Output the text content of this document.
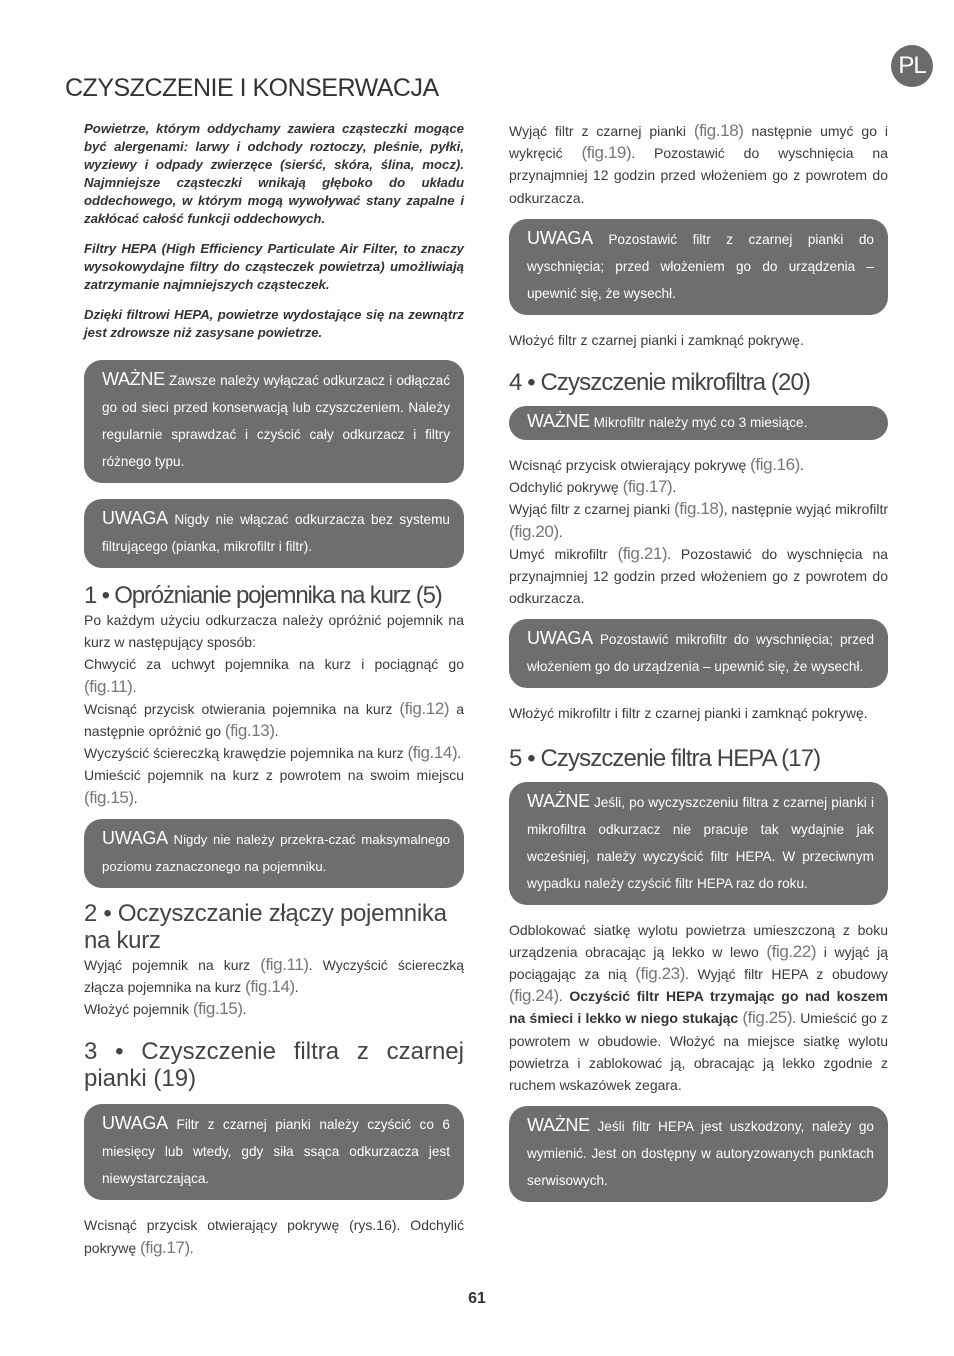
PL
CZYSZCZENIE I KONSERWACJA

Powietrze, którym oddychamy zawiera cząsteczki mogące być alergenami: larwy i odchody roztoczy, pleśnie, pyłki, wyziewy i odpady zwierzęce (sierść, skóra, ślina, mocz). Najmniejsze cząsteczki wnikają głęboko do układu oddechowego, w którym mogą wywoływać stany zapalne i zakłócać całość funkcji oddechowych.

Filtry HEPA (High Efficiency Particulate Air Filter, to znaczy wysokowydajne filtry do cząsteczek powietrza) umożliwiają zatrzymanie najmniejszych cząsteczek.

Dzięki filtrowi HEPA, powietrze wydostające się na zewnątrz jest zdrowsze niż zasysane powietrze.

WAŻNE Zawsze należy wyłączać odkurzacz i odłączać go od sieci przed konserwacją lub czyszczeniem. Należy regularnie sprawdzać i czyścić cały odkurzacz i filtry różnego typu.
UWAGA Nigdy nie włączać odkurzacza bez systemu filtrującego (pianka, mikrofiltr i filtr).
1 • Opróżnianie pojemnika na kurz (5)

Po każdym użyciu odkurzacza należy opróżnić pojemnik na kurz w następujący sposób:

Chwycić za uchwyt pojemnika na kurz i pociągnąć go (fig.11).

Wcisnąć przycisk otwierania pojemnika na kurz (fig.12) a następnie opróżnić go (fig.13).

Wyczyścić ściereczką krawędzie pojemnika na kurz (fig.14).

Umieścić pojemnik na kurz z powrotem na swoim miejscu (fig.15).

UWAGA Nigdy nie należy przekra-czać maksymalnego poziomu zaznaczonego na pojemniku.
2 • Oczyszczanie złączy pojemnika na kurz

Wyjąć pojemnik na kurz (fig.11). Wyczyścić ściereczką złącza pojemnika na kurz (fig.14).

Włożyć pojemnik (fig.15).

3 • Czyszczenie filtra z czarnej pianki (19)
UWAGA Filtr z czarnej pianki należy czyścić co 6 miesięcy lub wtedy, gdy siła ssąca odkurzacza jest niewystarczająca.

Wcisnąć przycisk otwierający pokrywę (rys.16). Odchylić pokrywę (fig.17).

Wyjąć filtr z czarnej pianki (fig.18) następnie umyć go i wykręcić (fig.19). Pozostawić do wyschnięcia na przynajmniej 12 godzin przed włożeniem go z powrotem do odkurzacza.

UWAGA Pozostawić filtr z czarnej pianki do wyschnięcia; przed włożeniem go do urządzenia – upewnić się, że wysechł.

Włożyć filtr z czarnej pianki i zamknąć pokrywę.

4 • Czyszczenie mikrofiltra (20)
WAŻNE Mikrofiltr należy myć co 3 miesiące.

Wcisnąć przycisk otwierający pokrywę (fig.16).

Odchylić pokrywę (fig.17).

Wyjąć filtr z czarnej pianki (fig.18), następnie wyjąć mikrofiltr (fig.20).

Umyć mikrofiltr (fig.21). Pozostawić do wyschnięcia na przynajmniej 12 godzin przed włożeniem go z powrotem do odkurzacza.

UWAGA Pozostawić mikrofiltr do wyschnięcia; przed włożeniem go do urządzenia – upewnić się, że wysechł.

Włożyć mikrofiltr i filtr z czarnej pianki i zamknąć pokrywę.

5 • Czyszczenie filtra HEPA (17)
WAŻNE Jeśli, po wyczyszczeniu filtra z czarnej pianki i mikrofiltra odkurzacz nie pracuje tak wydajnie jak wcześniej, należy wyczyścić filtr HEPA. W przeciwnym wypadku należy czyścić filtr HEPA raz do roku.

Odblokować siatkę wylotu powietrza umieszczoną z boku urządzenia obracając ją lekko w lewo (fig.22) i wyjąć ją pociągając za nią (fig.23). Wyjąć filtr HEPA z obudowy (fig.24). Oczyścić filtr HEPA trzymając go nad koszem na śmieci i lekko w niego stukając (fig.25). Umieścić go z powrotem w obudowie. Włożyć na miejsce siatkę wylotu powietrza i zablokować ją, obracając ją lekko zgodnie z ruchem wskazówek zegara.

WAŻNE Jeśli filtr HEPA jest uszkodzony, należy go wymienić. Jest on dostępny w autoryzowanych punktach serwisowych.
61
